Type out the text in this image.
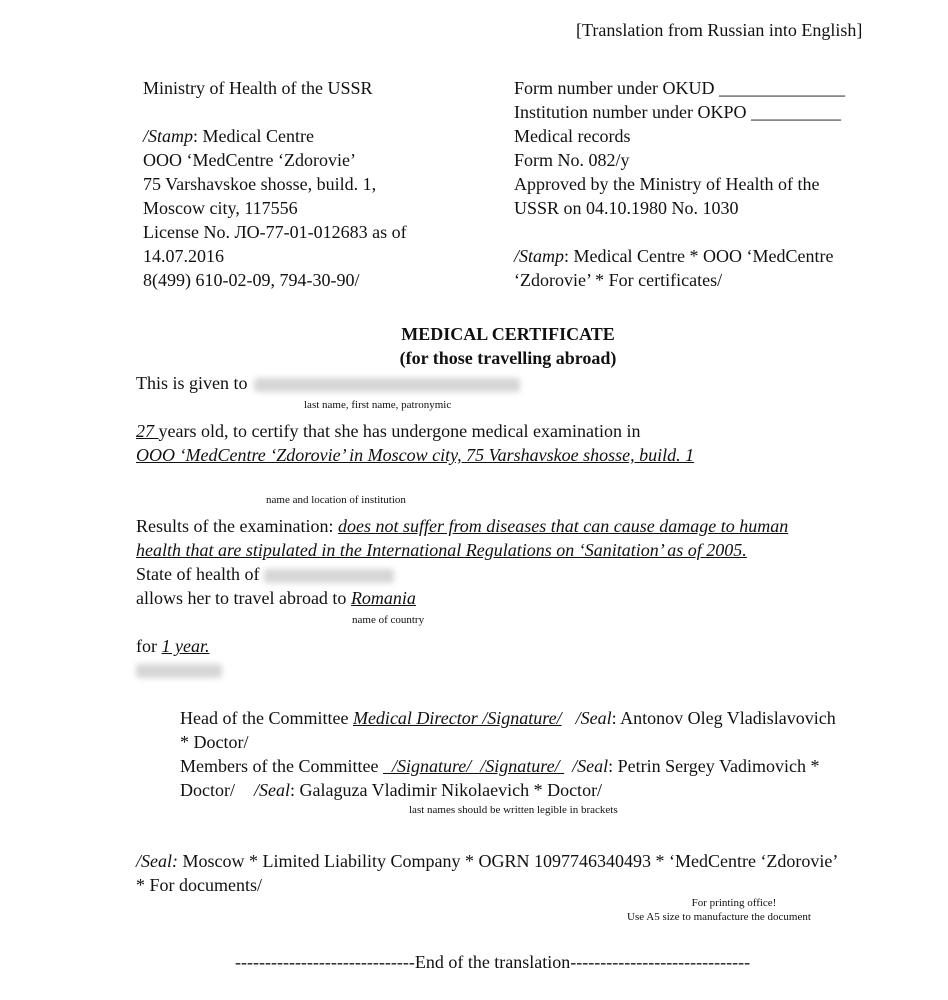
[Translation from Russian into English]
Ministry of Health of the USSR
/Stamp: Medical Centre
OOO ‘MedCentre ‘Zdorovie’
75 Varshavskoe shosse, build. 1,
Moscow city, 117556
License No. ЛО-77-01-012683 as of
14.07.2016
8(499) 610-02-09, 794-30-90/
Form number under OKUD ______________
Institution number under OKPO __________
Medical records
Form No. 082/y
Approved by the Ministry of Health of the
USSR on 04.10.1980 No. 1030
/Stamp: Medical Centre * OOO ‘MedCentre
‘Zdorovie’ * For certificates/
MEDICAL CERTIFICATE
(for those travelling abroad)
This is given to
last name, first name, patronymic
27 years old, to certify that she has undergone medical examination in
OOO ‘MedCentre ‘Zdorovie’ in Moscow city, 75 Varshavskoe shosse, build. 1
name and location of institution
Results of the examination: does not suffer from diseases that can cause damage to human
health that are stipulated in the International Regulations on ‘Sanitation’ as of 2005.
State of health of
allows her to travel abroad to Romania
name of country
for 1 year.
Head of the Committee Medical Director /Signature/ /Seal: Antonov Oleg Vladislavovich
* Doctor/
Members of the Committee   /Signature/  /Signature/ /Seal: Petrin Sergey Vadimovich *
Doctor/ /Seal: Galaguza Vladimir Nikolaevich * Doctor/
last names should be written legible in brackets
/Seal: Moscow * Limited Liability Company * OGRN 1097746340493 * ‘MedCentre ‘Zdorovie’
* For documents/
For printing office!
Use A5 size to manufacture the document
------------------------------End of the translation------------------------------
